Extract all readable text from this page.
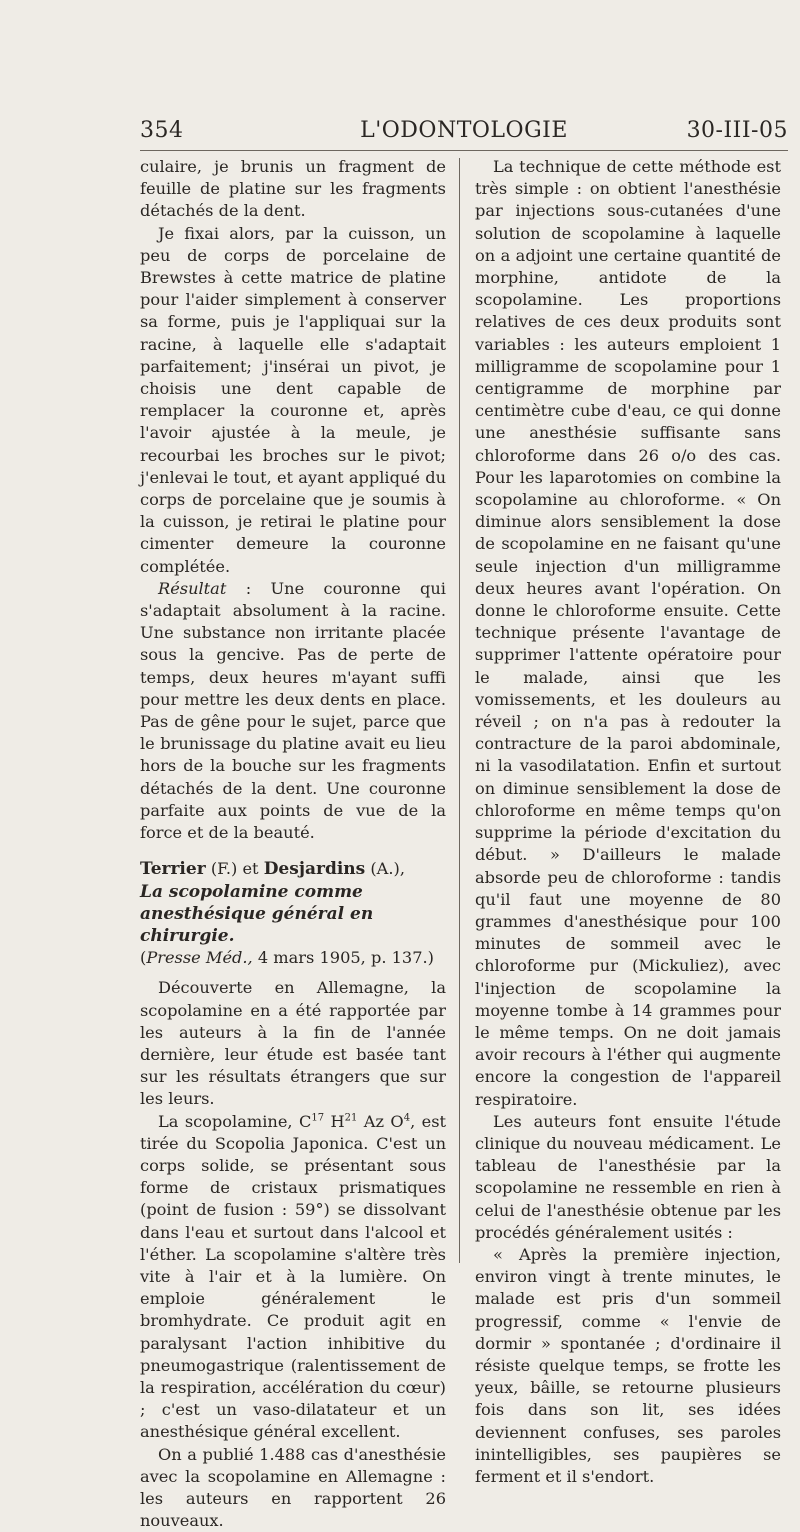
354	L'ODONTOLOGIE	30-III-05

culaire, je brunis un fragment de feuille de platine sur les fragments détachés de la dent.

Je fixai alors, par la cuisson, un peu de corps de porcelaine de Brewstes à cette matrice de platine pour l'aider simplement à conserver sa forme, puis je l'appliquai sur la racine, à laquelle elle s'adaptait parfaitement; j'insérai un pivot, je choisis une dent capable de remplacer la couronne et, après l'avoir ajustée à la meule, je recourbai les broches sur le pivot; j'enlevai le tout, et ayant appliqué du corps de porcelaine que je soumis à la cuisson, je retirai le platine pour cimenter demeure la couronne complétée.

Résultat : Une couronne qui s'adaptait absolument à la racine. Une substance non irritante placée sous la gencive. Pas de perte de temps, deux heures m'ayant suffi pour mettre les deux dents en place. Pas de gêne pour le sujet, parce que le brunissage du platine avait eu lieu hors de la bouche sur les fragments détachés de la dent. Une couronne parfaite aux points de vue de la force et de la beauté.

Terrier (F.) et Desjardins (A.),
La scopolamine comme anesthésique général en chirurgie.
(Presse Méd., 4 mars 1905, p. 137.)

Découverte en Allemagne, la scopolamine en a été rapportée par les auteurs à la fin de l'année dernière, leur étude est basée tant sur les résultats étrangers que sur les leurs.

La scopolamine, $C^{17}$ $H^{21}$ Az $O^4$, est tirée du Scopolia Japonica. C'est un corps solide, se présentant sous forme de cristaux prismatiques (point de fusion : 59°) se dissolvant dans l'eau et surtout dans l'alcool et l'éther. La scopolamine s'altère très vite à l'air et à la lumière. On emploie généralement le bromhydrate. Ce produit agit en paralysant l'action inhibitive du pneumogastrique (ralentissement de la respiration, accélération du cœur) ; c'est un vaso-dilatateur et un anesthésique général excellent.

On a publié 1.488 cas d'anesthésie avec la scopolamine en Allemagne : les auteurs en rapportent 26 nouveaux.

La technique de cette méthode est très simple : on obtient l'anesthésie par injections sous-cutanées d'une solution de scopolamine à laquelle on a adjoint une certaine quantité de morphine, antidote de la scopolamine. Les proportions relatives de ces deux produits sont variables : les auteurs emploient 1 milligramme de scopolamine pour 1 centigramme de morphine par centimètre cube d'eau, ce qui donne une anesthésie suffisante sans chloroforme dans 26 o/o des cas. Pour les laparotomies on combine la scopolamine au chloroforme. « On diminue alors sensiblement la dose de scopolamine en ne faisant qu'une seule injection d'un milligramme deux heures avant l'opération. On donne le chloroforme ensuite. Cette technique présente l'avantage de supprimer l'attente opératoire pour le malade, ainsi que les vomissements, et les douleurs au réveil ; on n'a pas à redouter la contracture de la paroi abdominale, ni la vasodilatation. Enfin et surtout on diminue sensiblement la dose de chloroforme en même temps qu'on supprime la période d'excitation du début. » D'ailleurs le malade absorde peu de chloroforme : tandis qu'il faut une moyenne de 80 grammes d'anesthésique pour 100 minutes de sommeil avec le chloroforme pur (Mickuliez), avec l'injection de scopolamine la moyenne tombe à 14 grammes pour le même temps. On ne doit jamais avoir recours à l'éther qui augmente encore la congestion de l'appareil respiratoire.

Les auteurs font ensuite l'étude clinique du nouveau médicament. Le tableau de l'anesthésie par la scopolamine ne ressemble en rien à celui de l'anesthésie obtenue par les procédés généralement usités :

« Après la première injection, environ vingt à trente minutes, le malade est pris d'un sommeil progressif, comme « l'envie de dormir » spontanée ; d'ordinaire il résiste quelque temps, se frotte les yeux, bâille, se retourne plusieurs fois dans son lit, ses idées deviennent confuses, ses paroles inintelligibles, ses paupières se ferment et il s'endort.
